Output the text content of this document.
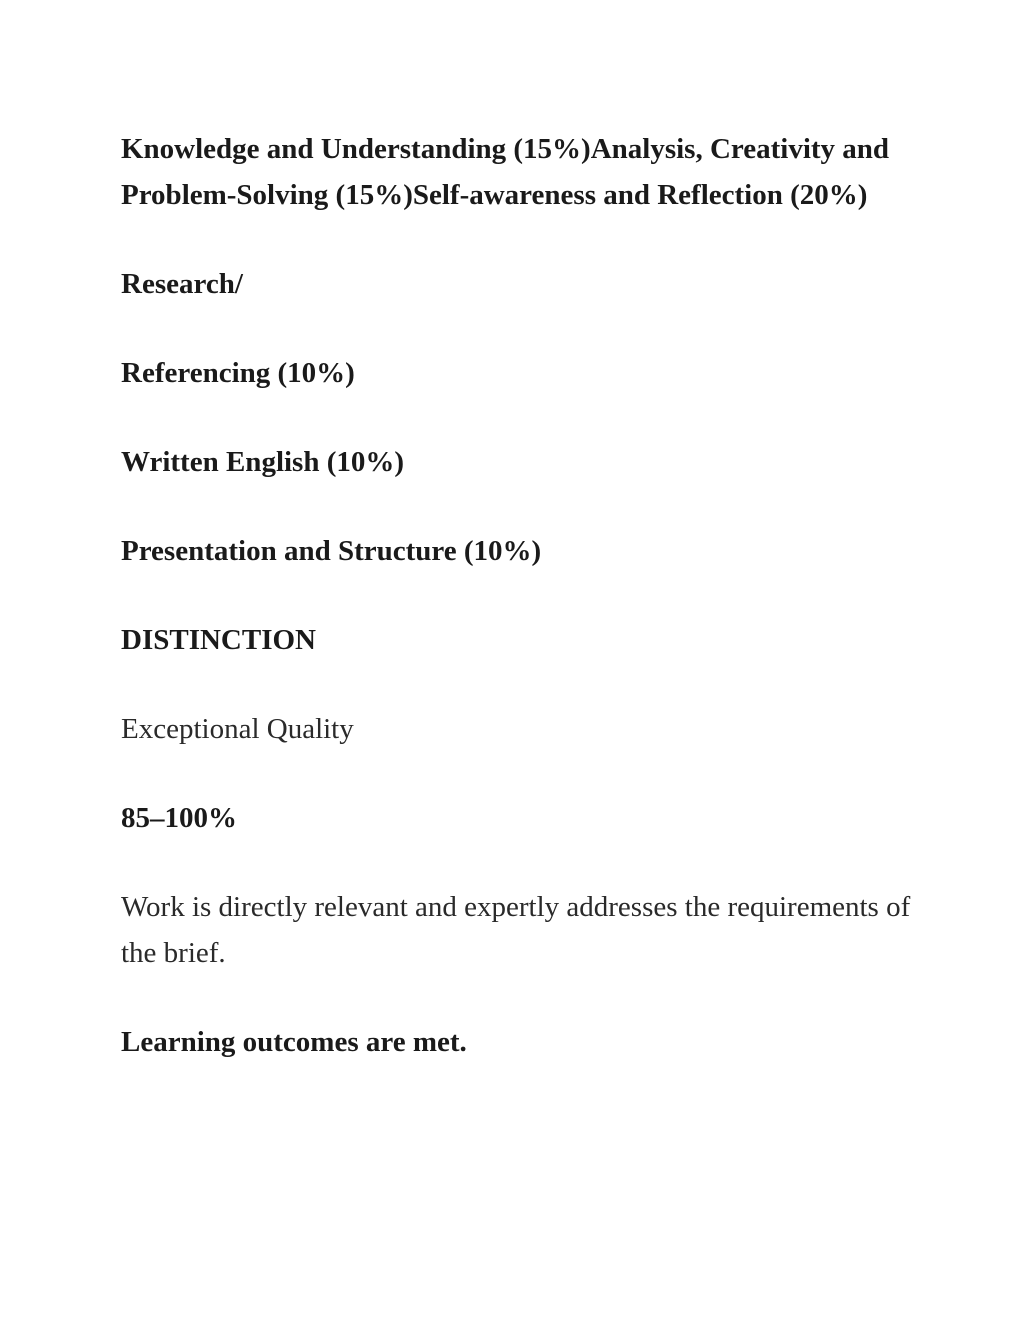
Knowledge and Understanding (15%)Analysis, Creativity and Problem-Solving (15%)Self-awareness and Reflection (20%)

Research/

Referencing (10%)

Written English (10%)

Presentation and Structure (10%)

DISTINCTION

Exceptional Quality

85–100%

Work is directly relevant and expertly addresses the requirements of the brief.

Learning outcomes are met.
